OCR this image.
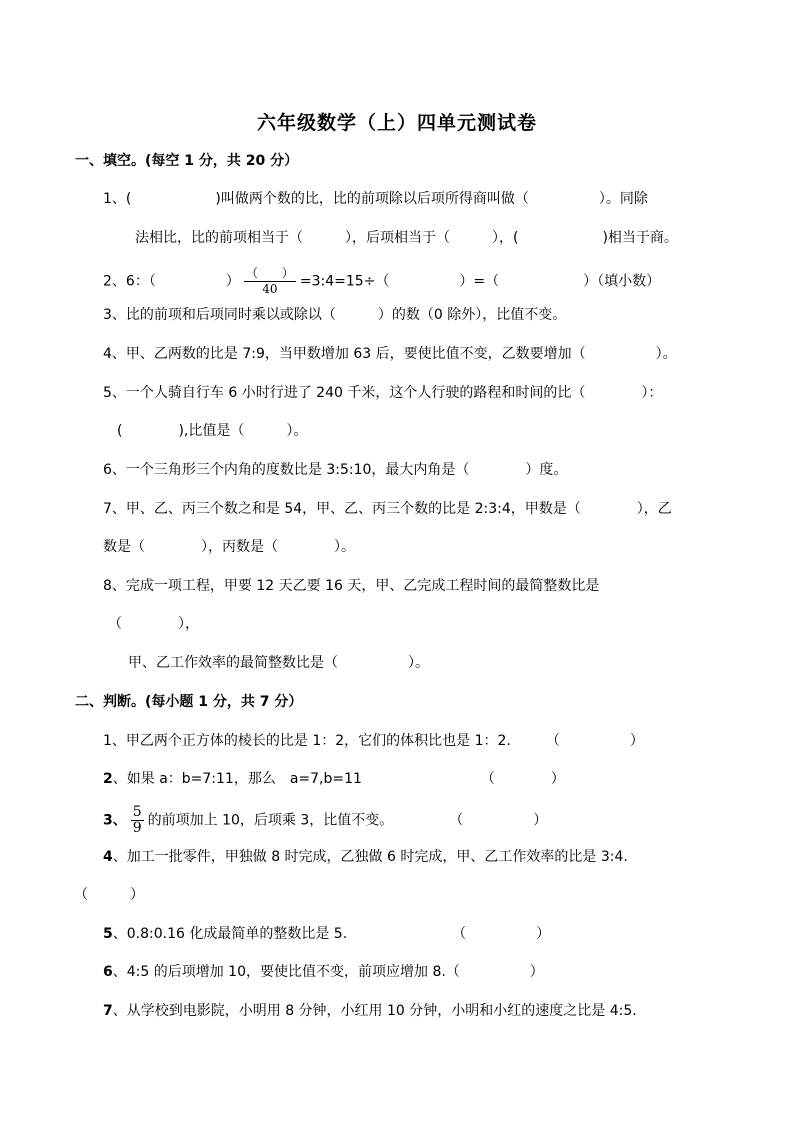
六年级数学（上）四单元测试卷
一、填空。(每空 1 分，共 20 分）
1、(　　　　　　)叫做两个数的比，比的前项除以后项所得商叫做（　　　　　）。同除
法相比，比的前项相当于（　　　），后项相当于（　　　），(　　　　　　)相当于商。
2、6：（　　　　　） $\frac{( )}{40}$ =3:4=15÷（　　　　　）=（　　　　　　）（填小数）
3、比的前项和后项同时乘以或除以（　　　）的数（0 除外），比值不变。
4、甲、乙两数的比是 7:9，当甲数增加 63 后，要使比值不变，乙数要增加（　　　　　）。
5、一个人骑自行车 6 小时行进了 240 千米，这个人行驶的路程和时间的比（　　　　）：
(　　　　),比值是（　　　）。
6、一个三角形三个内角的度数比是 3:5:10，最大内角是（　　　　）度。
7、甲、乙、丙三个数之和是 54，甲、乙、丙三个数的比是 2:3:4，甲数是（　　　　），乙
数是（　　　　），丙数是（　　　　）。
8、完成一项工程，甲要 12 天乙要 16 天，甲、乙完成工程时间的最简整数比是
（　　　　），
甲、乙工作效率的最简整数比是（　　　　　）。
二、判断。(每小题 1 分，共 7 分）
1、甲乙两个正方体的棱长的比是 1：2，它们的体积比也是 1：2.　　　（　　　　　）
2、如果 a：b=7:11，那么　a=7,b=11　　　　　　　　　（　　　　）
3、 $\frac{5}{9}$ 的前项加上 10，后项乘 3，比值不变。　　　　　（　　　　　）
4、加工一批零件，甲独做 8 时完成，乙独做 6 时完成，甲、乙工作效率的比是 3:4.
（　　　）
5、0.8:0.16 化成最简单的整数比是 5.　　　　　　　　（　　　　　）
6、4:5 的后项增加 10，要使比值不变，前项应增加 8.（　　　　　）
7、从学校到电影院，小明用 8 分钟，小红用 10 分钟，小明和小红的速度之比是 4:5.
